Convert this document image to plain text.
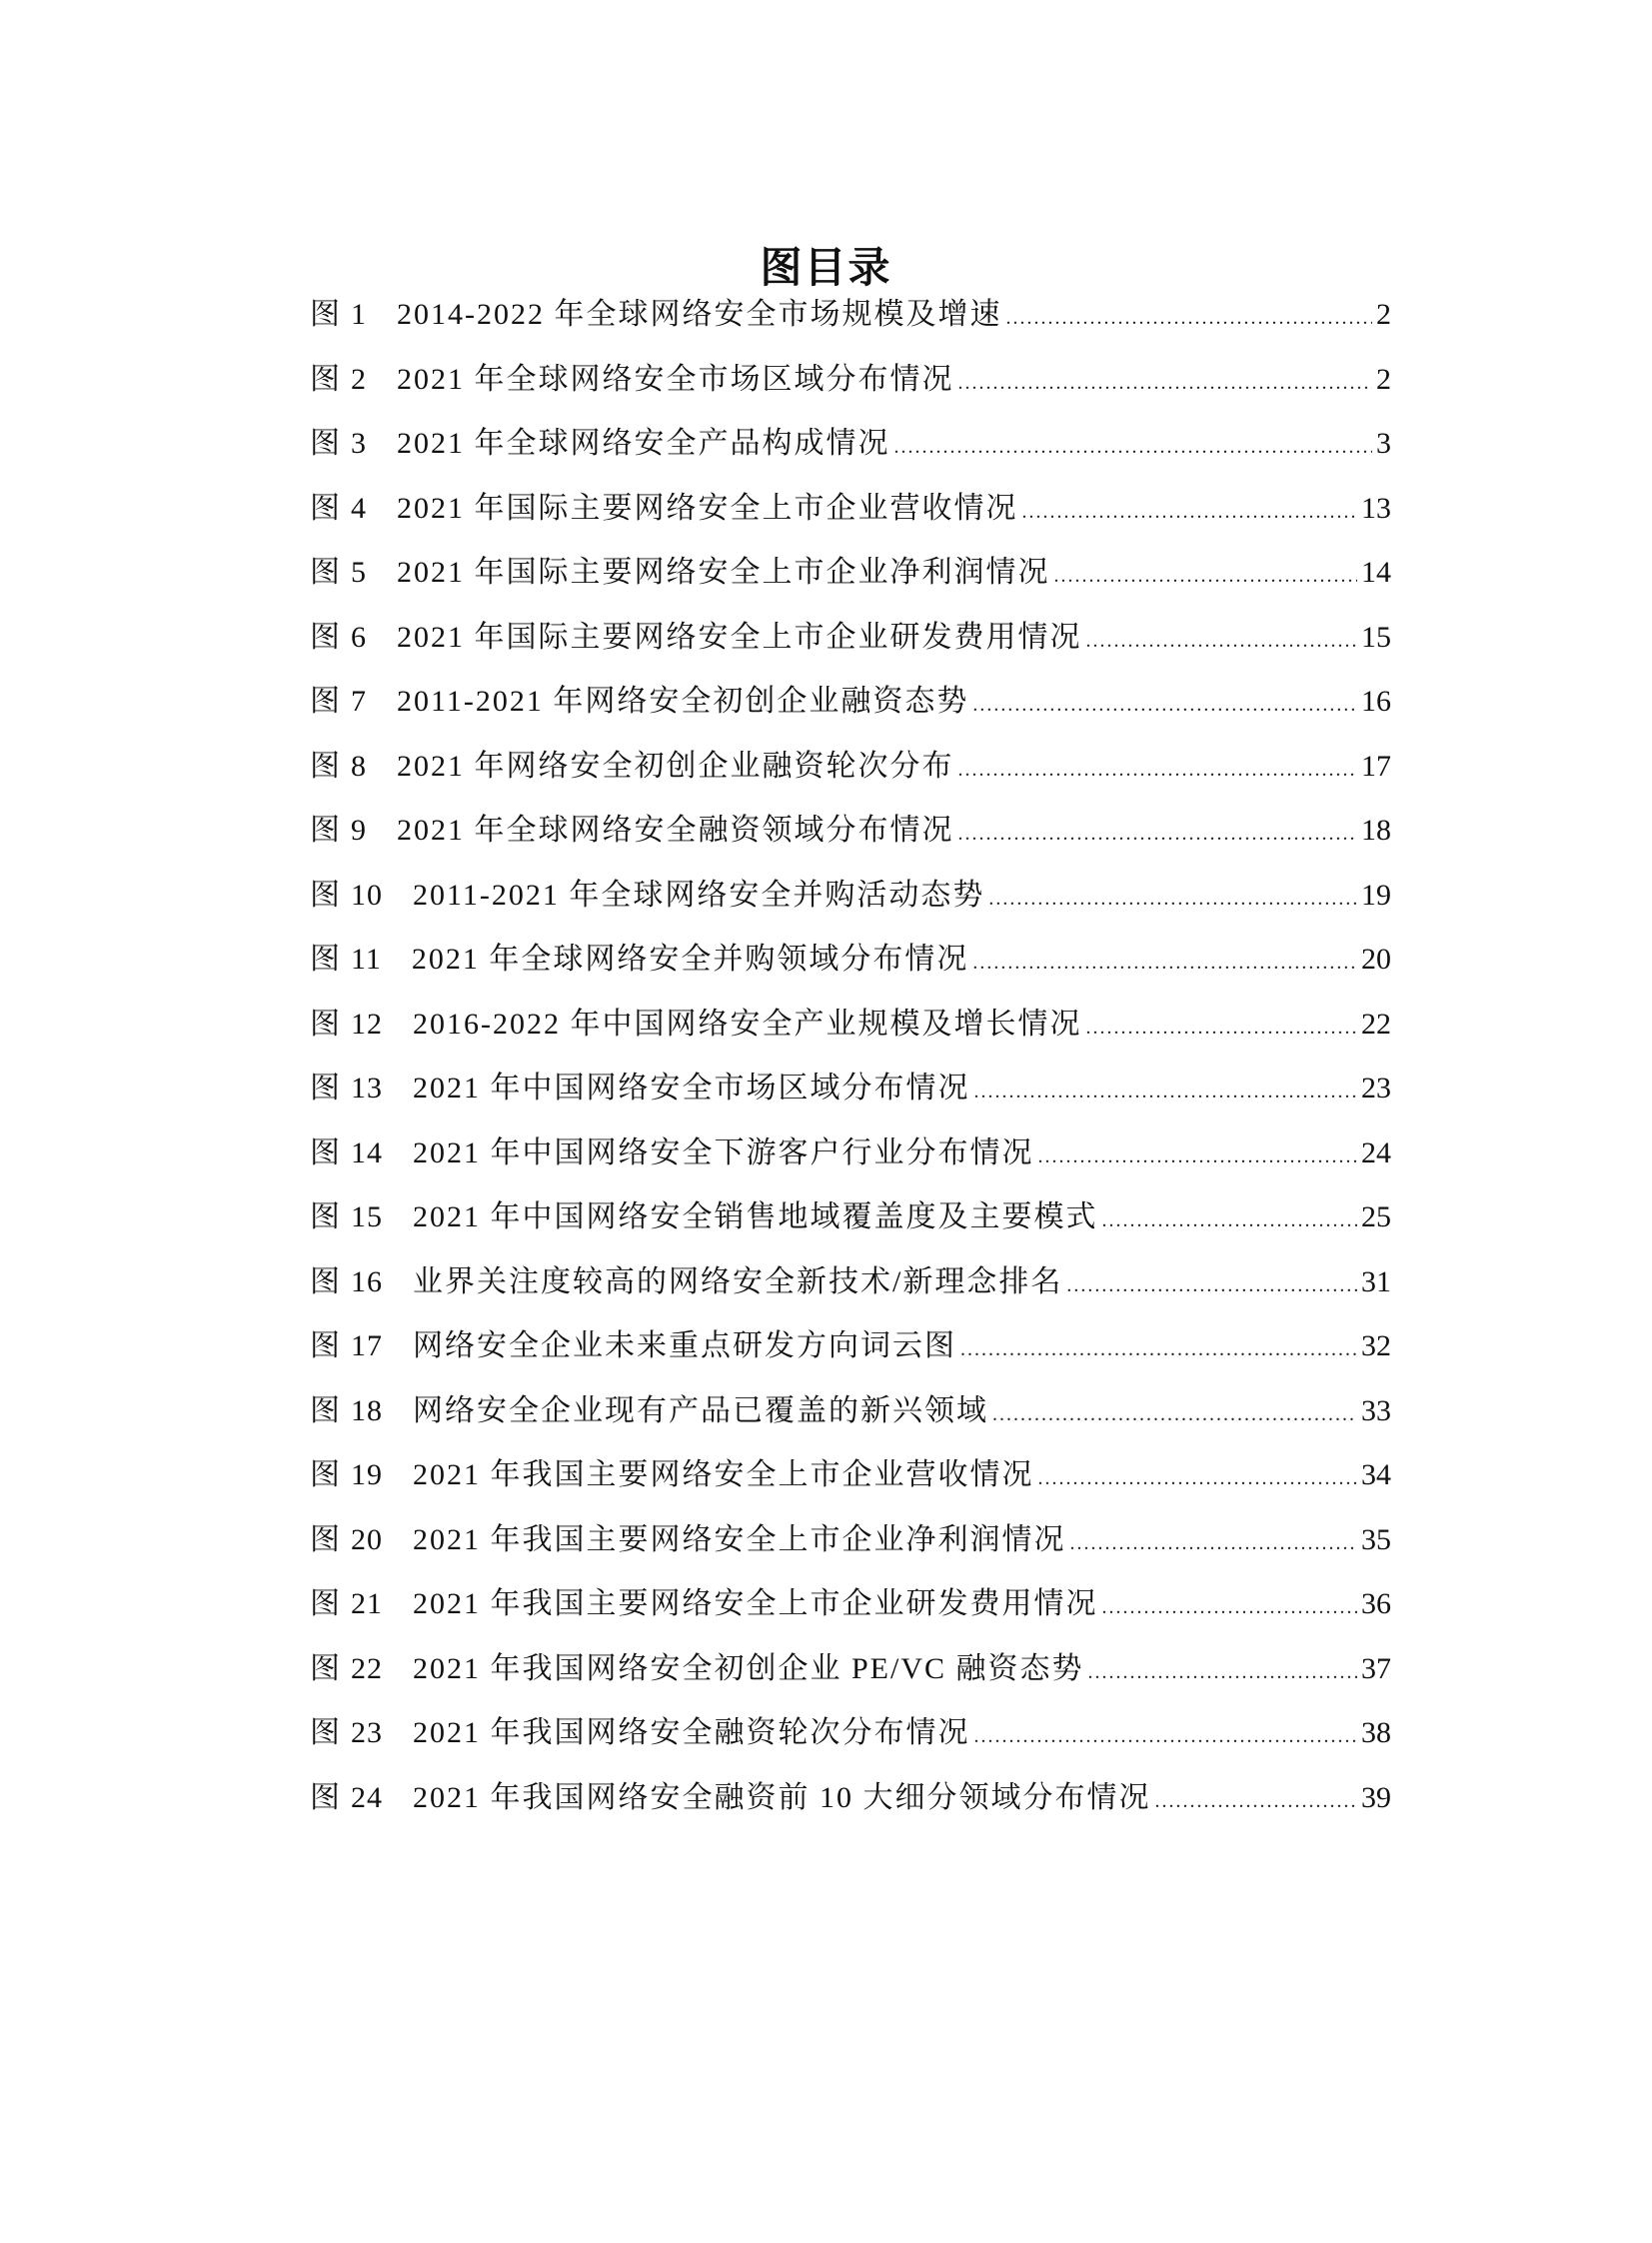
图目录
图 1 2014-2022 年全球网络安全市场规模及增速 .....	2
图 2 2021 年全球网络安全市场区域分布情况 .....	2
图 3 2021 年全球网络安全产品构成情况 .....	3
图 4 2021 年国际主要网络安全上市企业营收情况 .....	13
图 5 2021 年国际主要网络安全上市企业净利润情况 .....	14
图 6 2021 年国际主要网络安全上市企业研发费用情况 .....	15
图 7 2011-2021 年网络安全初创企业融资态势 .....	16
图 8 2021 年网络安全初创企业融资轮次分布 .....	17
图 9 2021 年全球网络安全融资领域分布情况 .....	18
图 10 2011-2021 年全球网络安全并购活动态势 .....	19
图 11 2021 年全球网络安全并购领域分布情况 .....	20
图 12 2016-2022 年中国网络安全产业规模及增长情况 .....	22
图 13 2021 年中国网络安全市场区域分布情况 .....	23
图 14 2021 年中国网络安全下游客户行业分布情况 .....	24
图 15 2021 年中国网络安全销售地域覆盖度及主要模式 .....	25
图 16 业界关注度较高的网络安全新技术/新理念排名 .....	31
图 17 网络安全企业未来重点研发方向词云图 .....	32
图 18 网络安全企业现有产品已覆盖的新兴领域 .....	33
图 19 2021 年我国主要网络安全上市企业营收情况 .....	34
图 20 2021 年我国主要网络安全上市企业净利润情况 .....	35
图 21 2021 年我国主要网络安全上市企业研发费用情况 .....	36
图 22 2021 年我国网络安全初创企业 PE/VC 融资态势 .....	37
图 23 2021 年我国网络安全融资轮次分布情况 .....	38
图 24 2021 年我国网络安全融资前 10 大细分领域分布情况 .....	39
